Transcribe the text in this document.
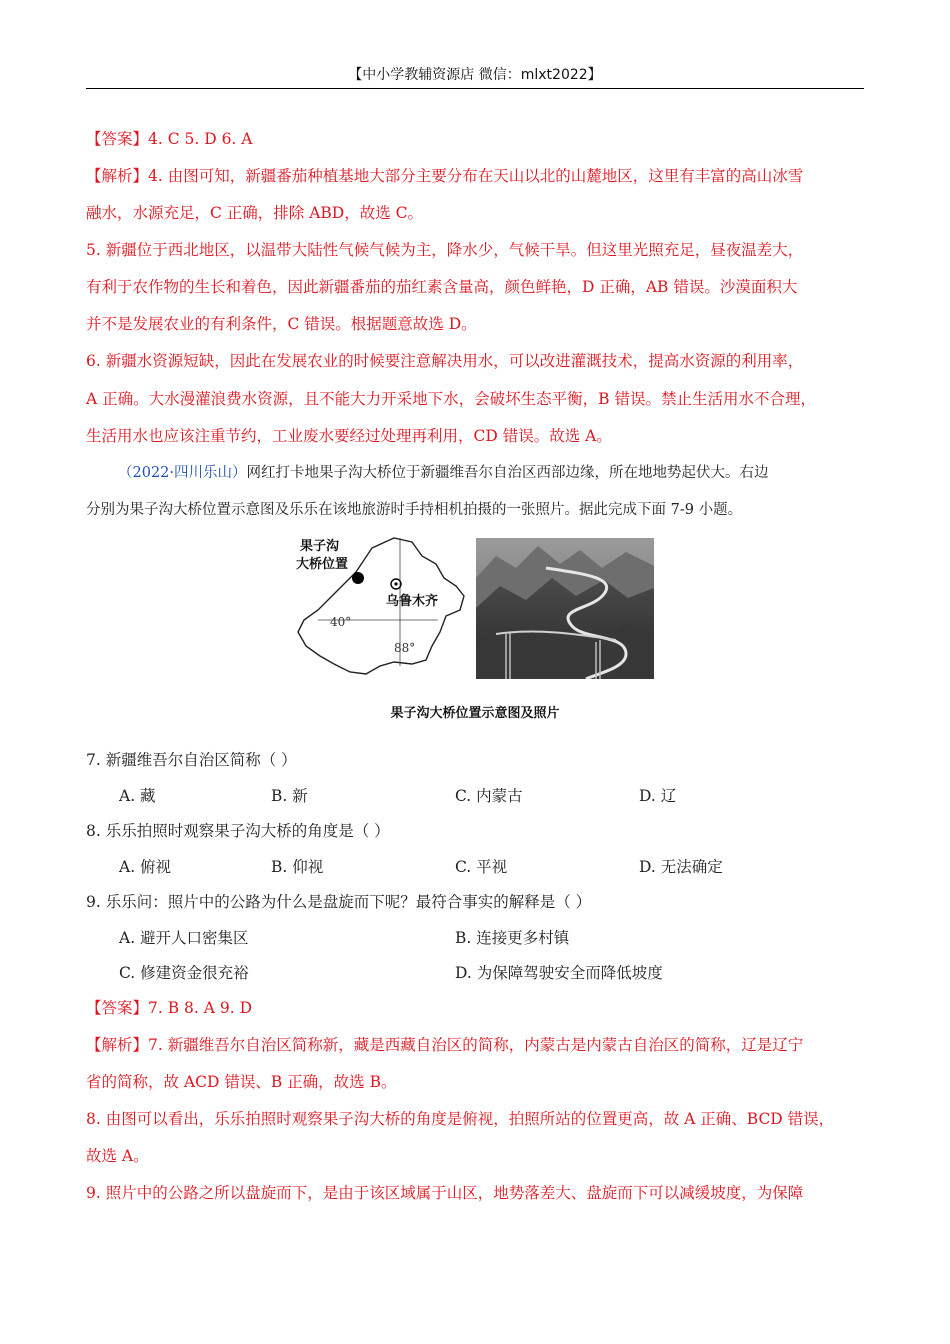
【中小学教辅资源店 微信：mlxt2022】
【答案】4. C 5. D 6. A
【解析】4. 由图可知，新疆番茄种植基地大部分主要分布在天山以北的山麓地区，这里有丰富的高山冰雪
融水，水源充足，C 正确，排除 ABD，故选 C。
5. 新疆位于西北地区，以温带大陆性气候气候为主，降水少，气候干旱。但这里光照充足，昼夜温差大，
有利于农作物的生长和着色，因此新疆番茄的茄红素含量高，颜色鲜艳，D 正确，AB 错误。沙漠面积大
并不是发展农业的有利条件，C 错误。根据题意故选 D。
6. 新疆水资源短缺，因此在发展农业的时候要注意解决用水，可以改进灌溉技术，提高水资源的利用率，
A 正确。大水漫灌浪费水资源，且不能大力开采地下水，会破坏生态平衡，B 错误。禁止生活用水不合理，
生活用水也应该注重节约，工业废水要经过处理再利用，CD 错误。故选 A。
（2022·四川乐山）网红打卡地果子沟大桥位于新疆维吾尔自治区西部边缘，所在地地势起伏大。右边
分别为果子沟大桥位置示意图及乐乐在该地旅游时手持相机拍摄的一张照片。据此完成下面 7-9 小题。
果子沟
大桥位置
乌鲁木齐
40°
88°
果子沟大桥位置示意图及照片
7. 新疆维吾尔自治区简称（ ）
A. 藏	B. 新	C. 内蒙古	D. 辽
8. 乐乐拍照时观察果子沟大桥的角度是（ ）
A. 俯视	B. 仰视	C. 平视	D. 无法确定
9. 乐乐问：照片中的公路为什么是盘旋而下呢？最符合事实的解释是（ ）
A. 避开人口密集区	B. 连接更多村镇
C. 修建资金很充裕	D. 为保障驾驶安全而降低坡度
【答案】7. B 8. A 9. D
【解析】7. 新疆维吾尔自治区简称新，藏是西藏自治区的简称，内蒙古是内蒙古自治区的简称，辽是辽宁
省的简称，故 ACD 错误、B 正确，故选 B。
8. 由图可以看出，乐乐拍照时观察果子沟大桥的角度是俯视，拍照所站的位置更高，故 A 正确、BCD 错误，
故选 A。
9. 照片中的公路之所以盘旋而下，是由于该区域属于山区，地势落差大、盘旋而下可以减缓坡度，为保障
